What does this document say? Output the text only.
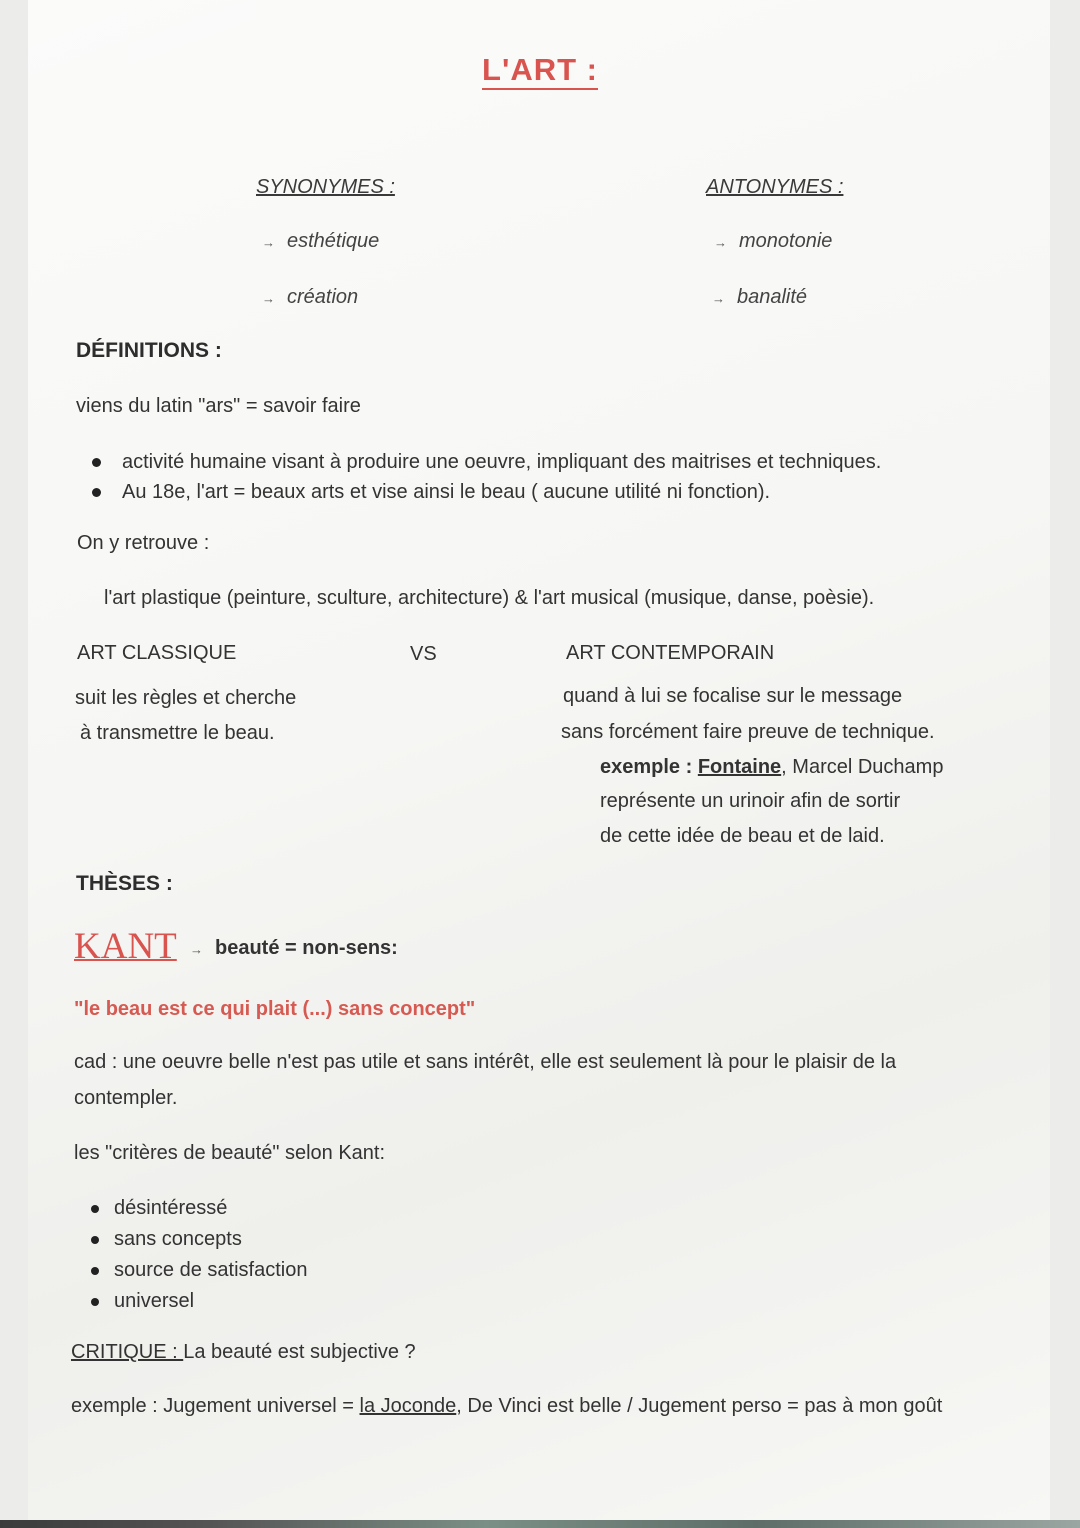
L'ART :
SYNONYMES :
→ esthétique
→ création
ANTONYMES :
→ monotonie
→ banalité
DÉFINITIONS :
viens du latin "ars" = savoir faire
activité humaine visant à produire une oeuvre, impliquant des maitrises et techniques.
Au 18e, l'art = beaux arts et vise ainsi le beau ( aucune utilité ni fonction).
On y retrouve :
l'art plastique (peinture, sculture, architecture) & l'art musical (musique, danse, poèsie).
ART CLASSIQUE	VS	ART CONTEMPORAIN
suit les règles et cherche
à transmettre le beau.
quand à lui se focalise sur le message
sans forcément faire preuve de technique.
exemple : Fontaine, Marcel Duchamp
représente un urinoir afin de sortir
de cette idée de beau et de laid.
THÈSES :
KANT → beauté = non-sens:
"le beau est ce qui plait (...) sans concept"
cad : une oeuvre belle n'est pas utile et sans intérêt, elle est seulement là pour le plaisir de la
contempler.
les "critères de beauté" selon Kant:
désintéressé
sans concepts
source de satisfaction
universel
CRITIQUE : La beauté est subjective ?
exemple : Jugement universel = la Joconde, De Vinci est belle / Jugement perso = pas à mon goût
